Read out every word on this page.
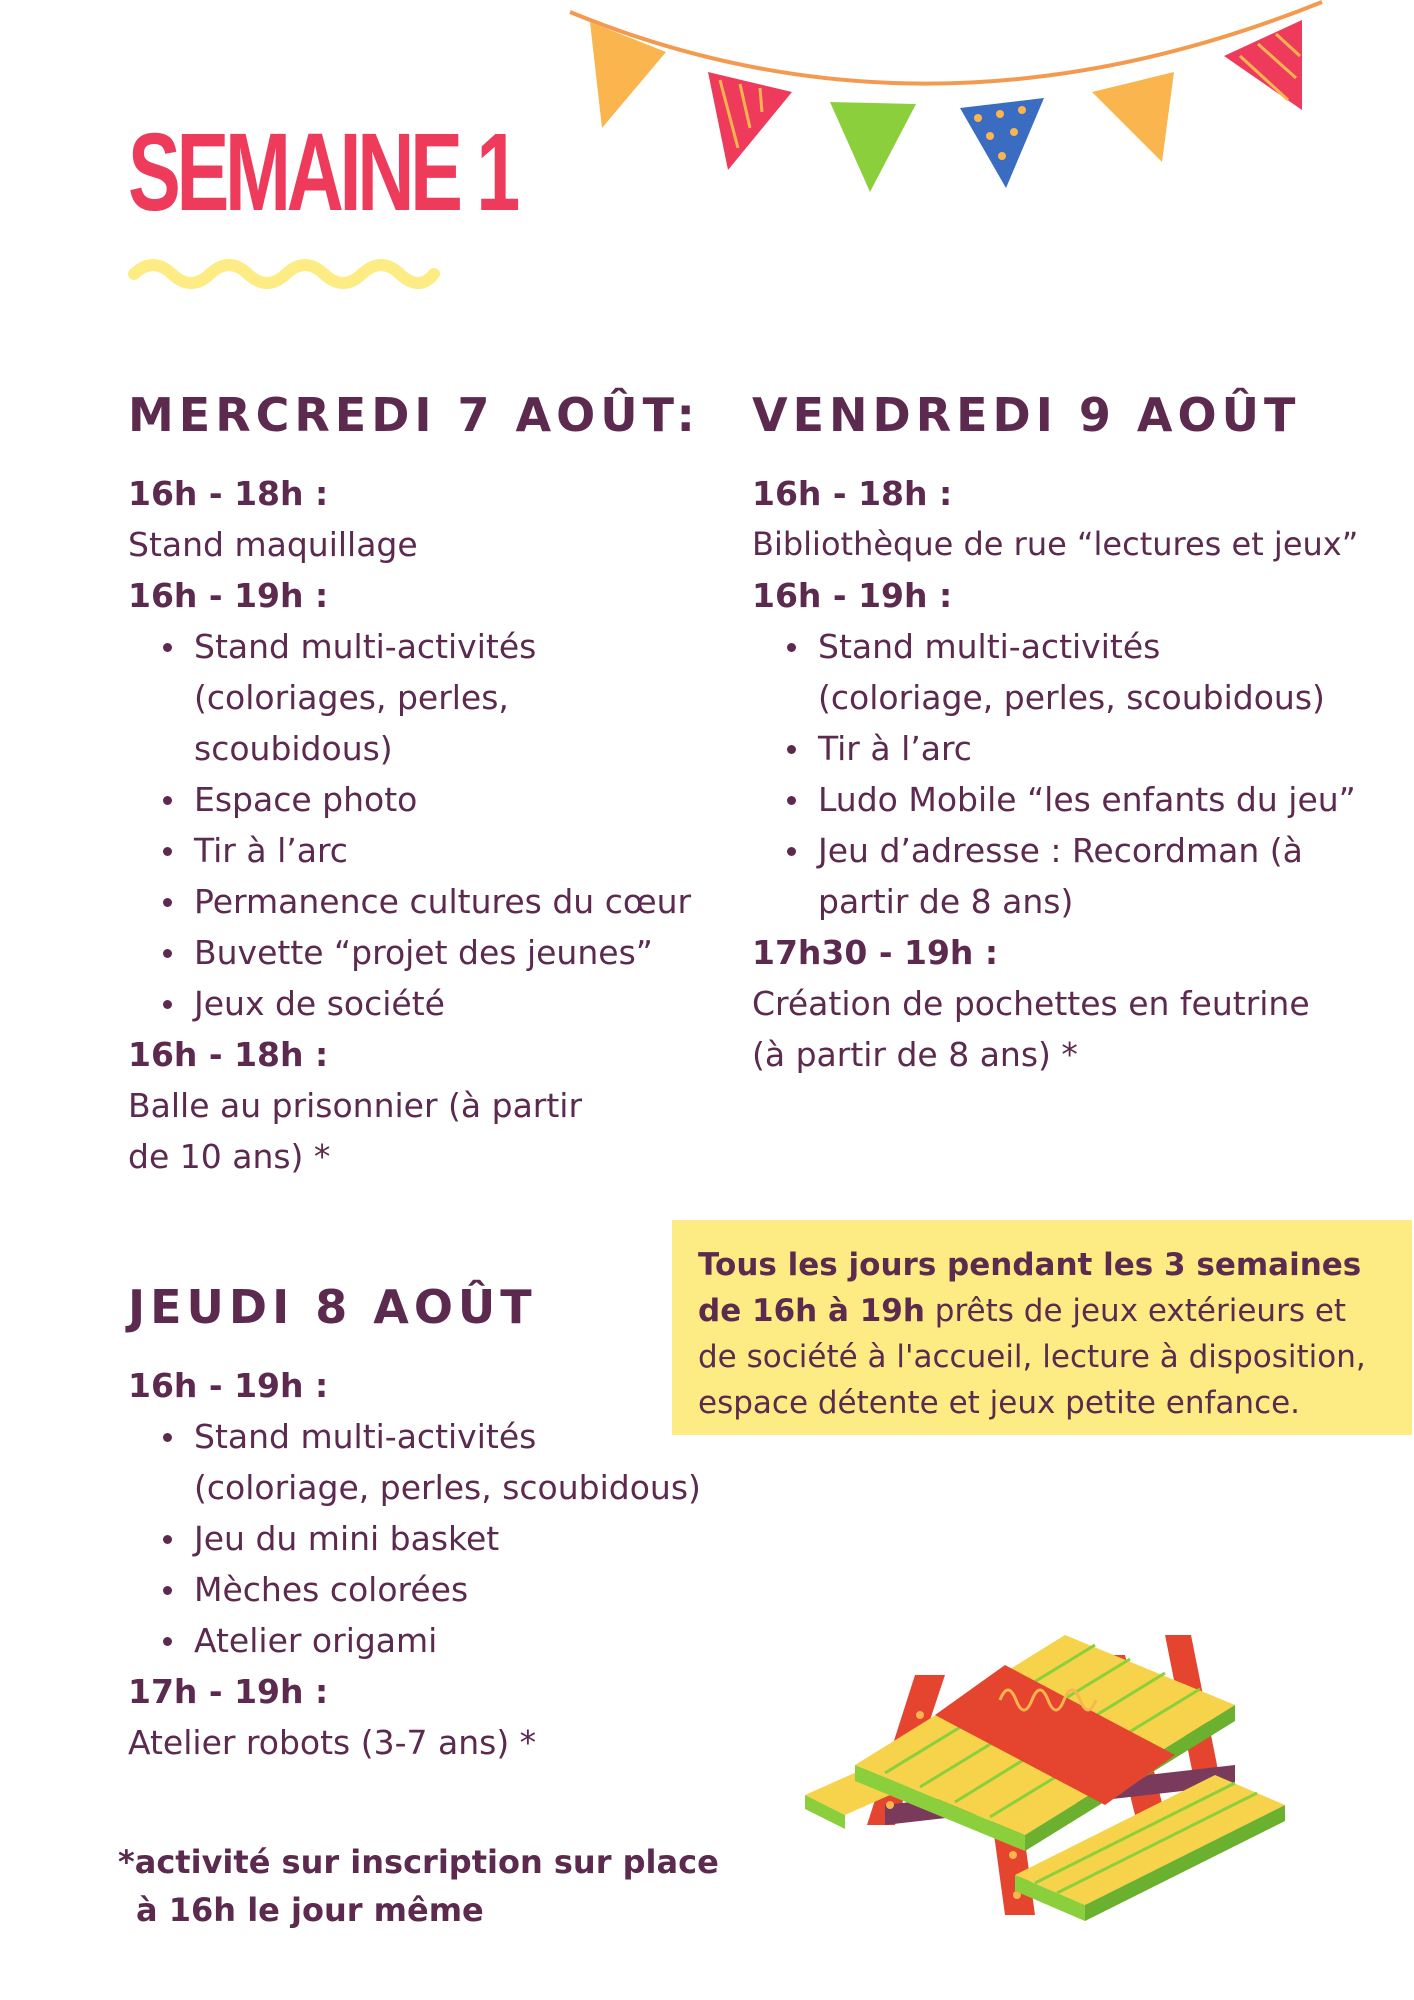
SEMAINE 1
MERCREDI 7 AOÛT:

16h - 18h :

Stand maquillage

16h - 19h :

Stand multi-activités (coloriages, perles, scoubidous)
Espace photo
Tir à l’arc
Permanence cultures du cœur
Buvette “projet des jeunes”
Jeux de société

16h - 18h :

Balle au prisonnier (à partir de 10 ans) *

VENDREDI 9 AOÛT

16h - 18h :

Bibliothèque de rue “lectures et jeux”

16h - 19h :

Stand multi-activités (coloriage, perles, scoubidous)
Tir à l’arc
Ludo Mobile “les enfants du jeu”
Jeu d’adresse : Recordman (à partir de 8 ans)

17h30 - 19h :

Création de pochettes en feutrine (à partir de 8 ans) *

Tous les jours pendant les 3 semaines de 16h à 19h prêts de jeux extérieurs et de société à l'accueil, lecture à disposition, espace détente et jeux petite enfance.

JEUDI 8 AOÛT

16h - 19h :

Stand multi-activités (coloriage, perles, scoubidous)
Jeu du mini basket
Mèches colorées
Atelier origami

17h - 19h :

Atelier robots (3-7 ans) *

*activité sur inscription sur place
à 16h le jour même
